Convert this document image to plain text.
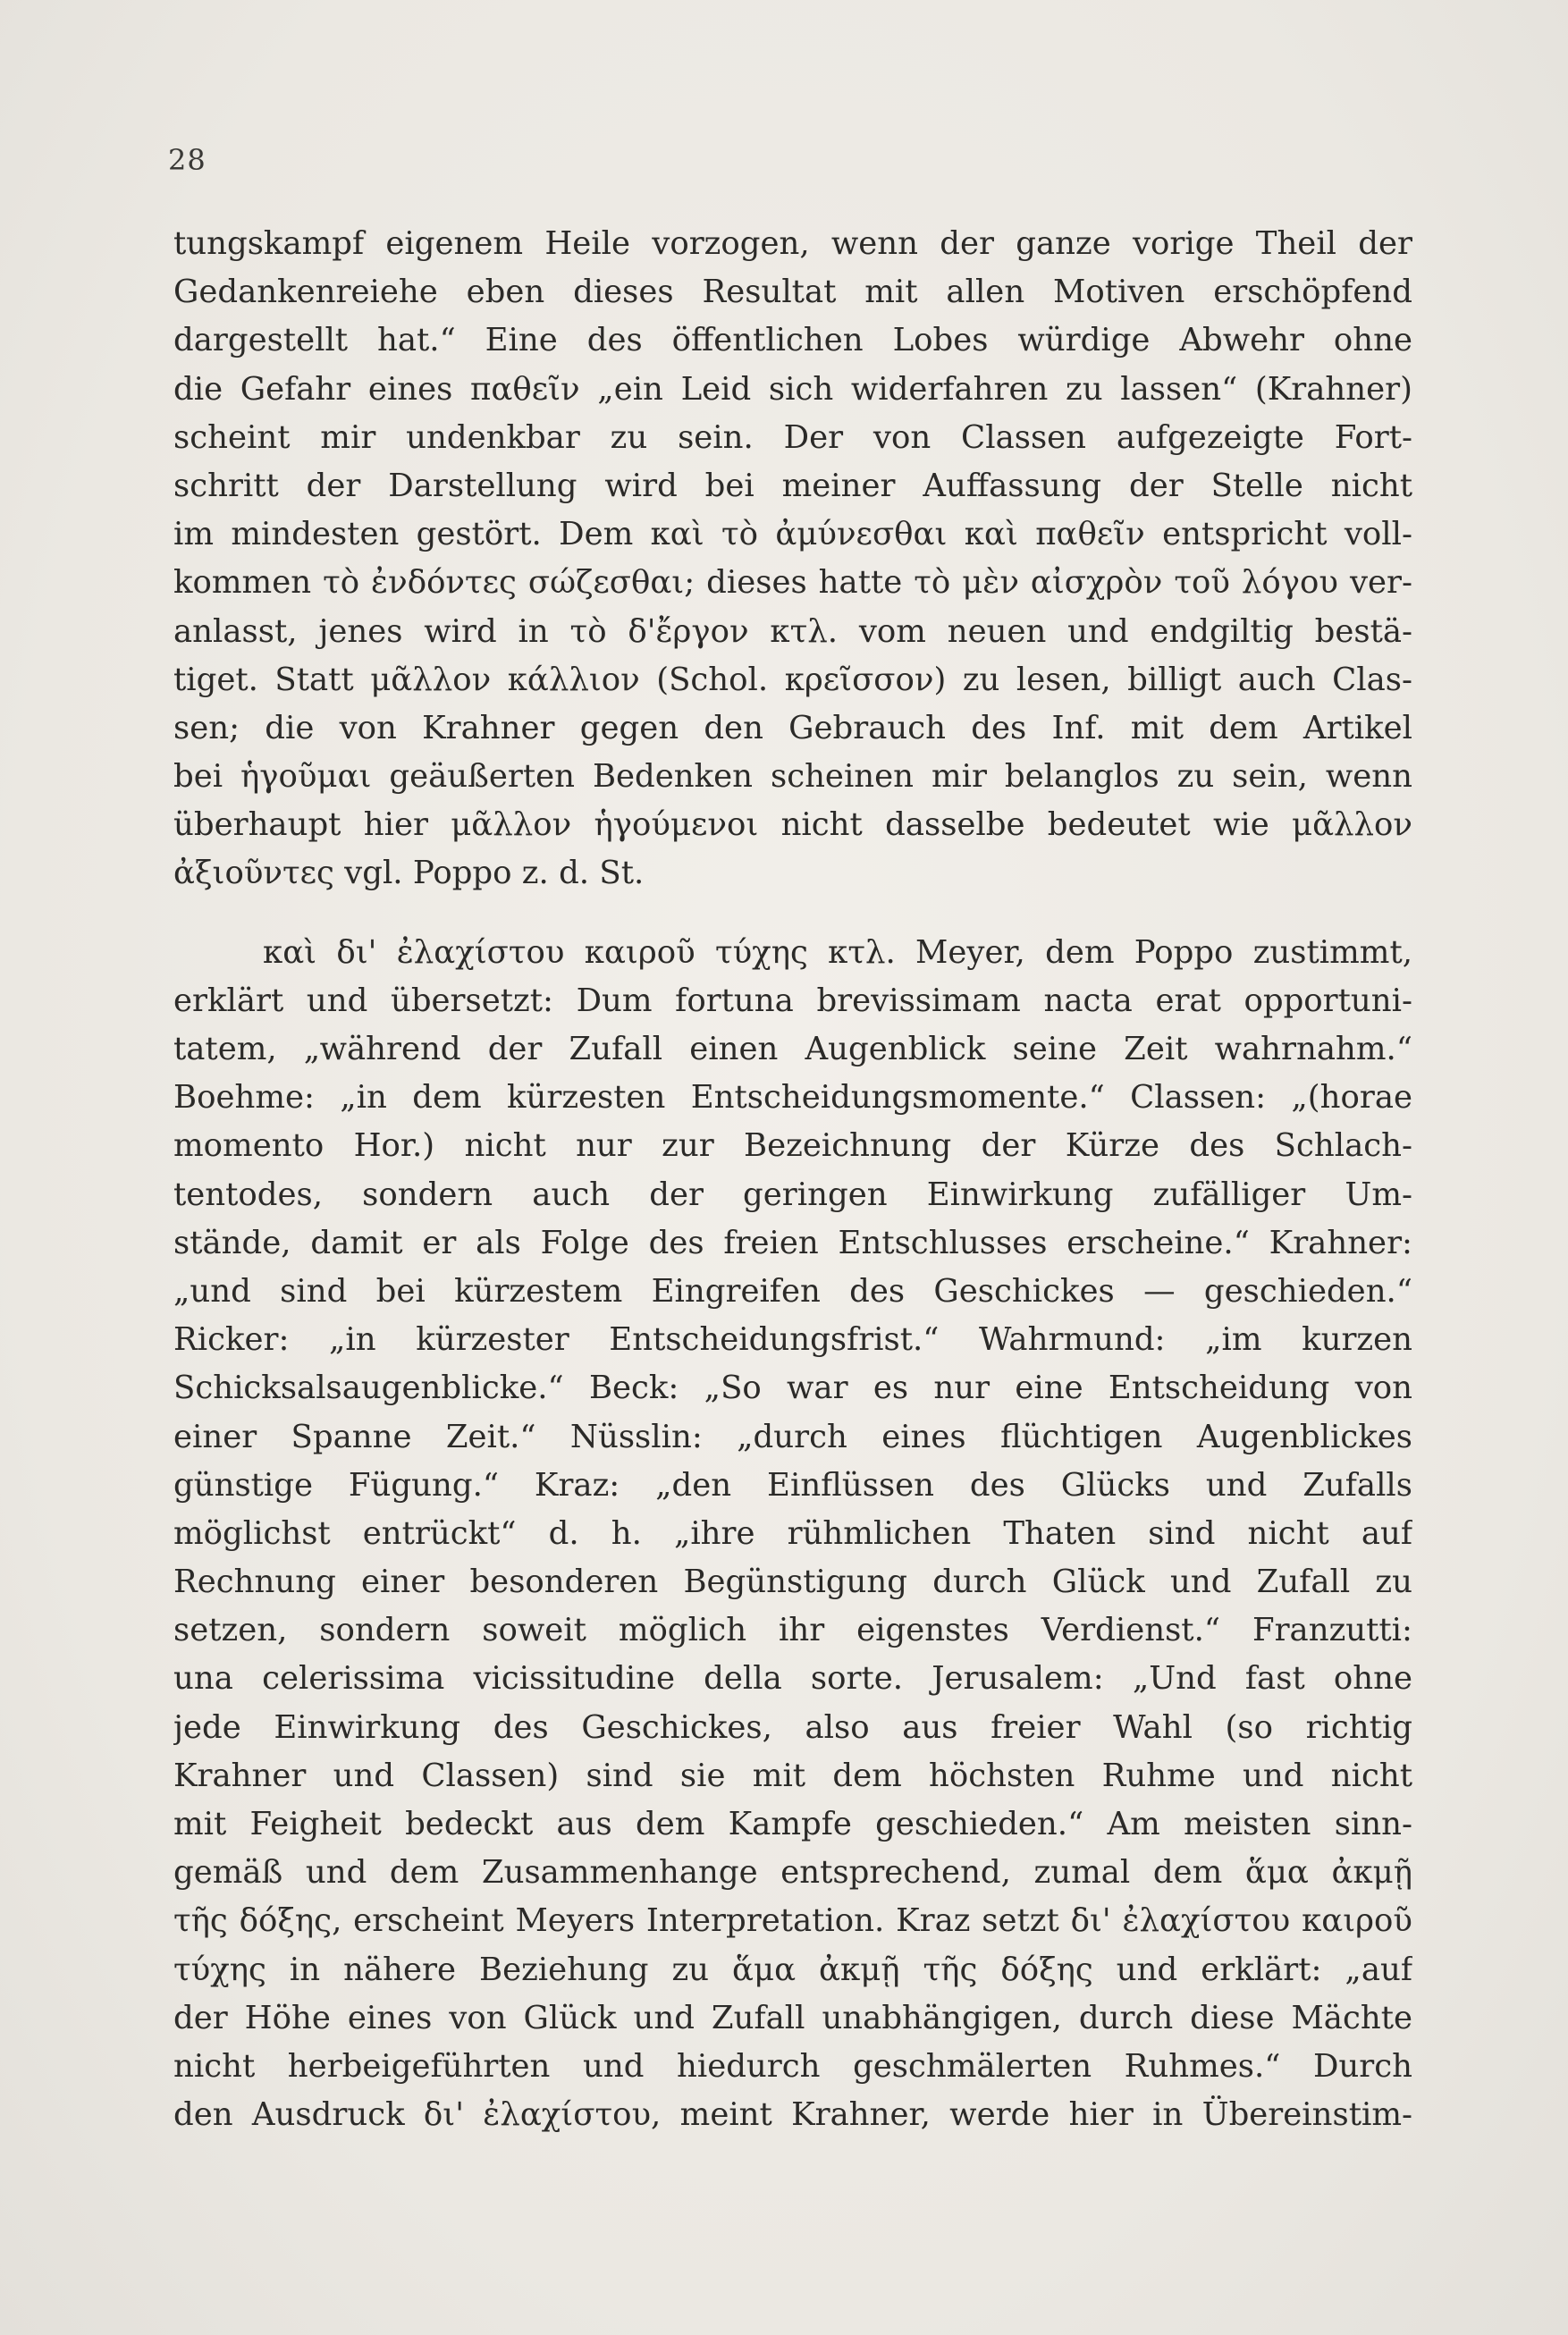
28
tungskampf eigenem Heile vorzogen, wenn der ganze vorige Theil der
Gedankenreiehe eben dieses Resultat mit allen Motiven erschöpfend
dargestellt hat.“ Eine des öffentlichen Lobes würdige Abwehr ohne
die Gefahr eines παθεῖν „ein Leid sich widerfahren zu lassen“ (Krahner)
scheint mir undenkbar zu sein. Der von Classen aufgezeigte Fort-
schritt der Darstellung wird bei meiner Auffassung der Stelle nicht
im mindesten gestört. Dem καὶ τὸ ἀμύνεσθαι καὶ παθεῖν entspricht voll-
kommen τὸ ἐνδόντες σώζεσθαι; dieses hatte τὸ μὲν αἰσχρὸν τοῦ λόγου ver-
anlasst, jenes wird in τὸ δ'ἔργον κτλ. vom neuen und endgiltig bestä-
tiget. Statt μᾶλλον κάλλιον (Schol. κρεῖσσον) zu lesen, billigt auch Clas-
sen; die von Krahner gegen den Gebrauch des Inf. mit dem Artikel
bei ἡγοῦμαι geäußerten Bedenken scheinen mir belanglos zu sein, wenn
überhaupt hier μᾶλλον ἡγούμενοι nicht dasselbe bedeutet wie μᾶλλον
ἀξιοῦντες vgl. Poppo z. d. St.
καὶ δι' ἐλαχίστου καιροῦ τύχης κτλ. Meyer, dem Poppo zustimmt,
erklärt und übersetzt: Dum fortuna brevissimam nacta erat opportuni-
tatem, „während der Zufall einen Augenblick seine Zeit wahrnahm.“
Boehme: „in dem kürzesten Entscheidungsmomente.“ Classen: „(horae
momento Hor.) nicht nur zur Bezeichnung der Kürze des Schlach-
tentodes, sondern auch der geringen Einwirkung zufälliger Um-
stände, damit er als Folge des freien Entschlusses erscheine.“ Krahner:
„und sind bei kürzestem Eingreifen des Geschickes — geschieden.“
Ricker: „in kürzester Entscheidungsfrist.“ Wahrmund: „im kurzen
Schicksalsaugenblicke.“ Beck: „So war es nur eine Entscheidung von
einer Spanne Zeit.“ Nüsslin: „durch eines flüchtigen Augenblickes
günstige Fügung.“ Kraz: „den Einflüssen des Glücks und Zufalls
möglichst entrückt“ d. h. „ihre rühmlichen Thaten sind nicht auf
Rechnung einer besonderen Begünstigung durch Glück und Zufall zu
setzen, sondern soweit möglich ihr eigenstes Verdienst.“ Franzutti:
una celerissima vicissitudine della sorte. Jerusalem: „Und fast ohne
jede Einwirkung des Geschickes, also aus freier Wahl (so richtig
Krahner und Classen) sind sie mit dem höchsten Ruhme und nicht
mit Feigheit bedeckt aus dem Kampfe geschieden.“ Am meisten sinn-
gemäß und dem Zusammenhange entsprechend, zumal dem ἅμα ἀκμῇ
τῆς δόξης, erscheint Meyers Interpretation. Kraz setzt δι' ἐλαχίστου καιροῦ
τύχης in nähere Beziehung zu ἅμα ἀκμῇ τῆς δόξης und erklärt: „auf
der Höhe eines von Glück und Zufall unabhängigen, durch diese Mächte
nicht herbeigeführten und hiedurch geschmälerten Ruhmes.“ Durch
den Ausdruck δι' ἐλαχίστου, meint Krahner, werde hier in Übereinstim-
